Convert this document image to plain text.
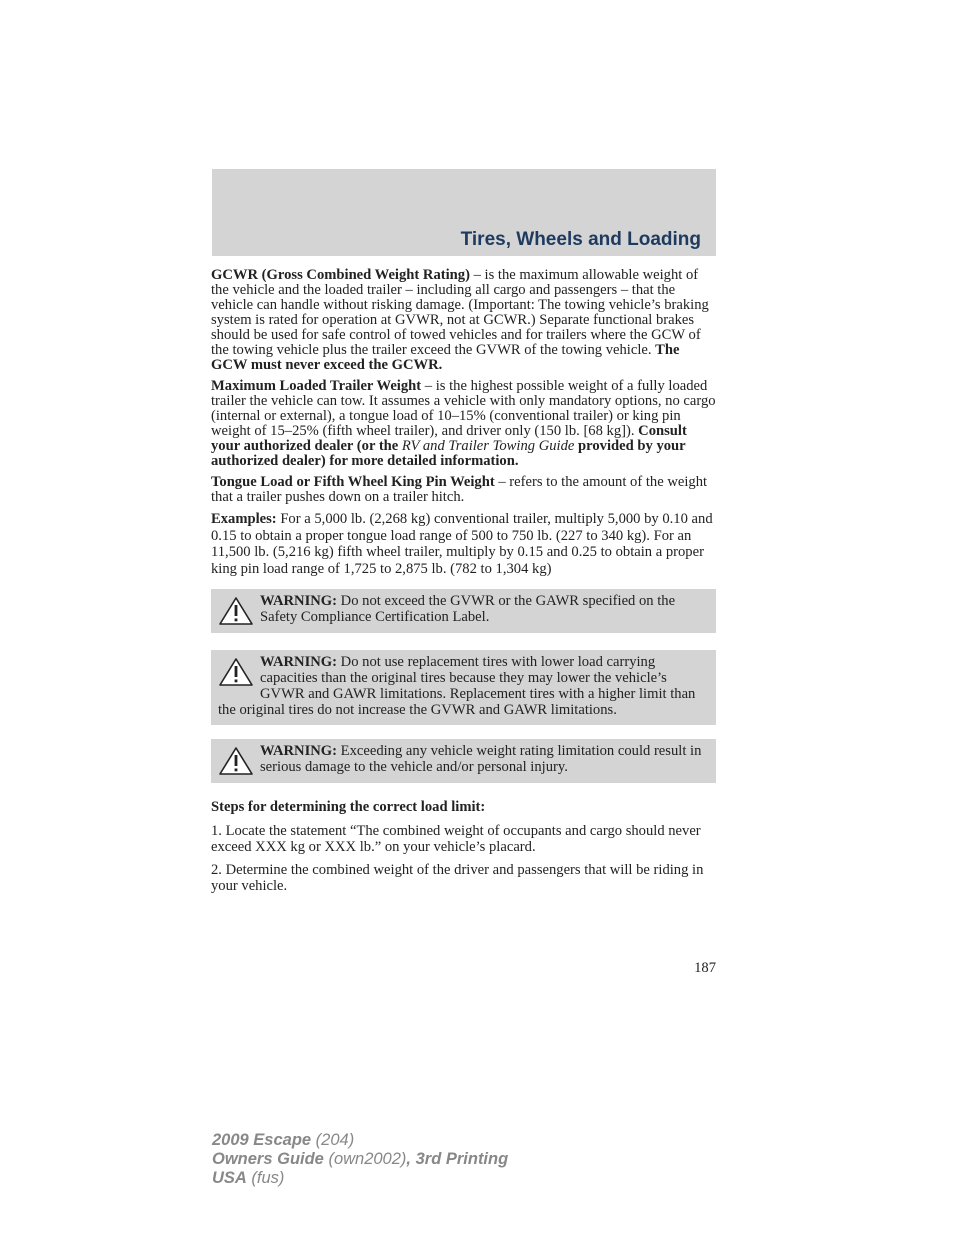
Tires, Wheels and Loading

GCWR (Gross Combined Weight Rating) – is the maximum allowable weight of the vehicle and the loaded trailer – including all cargo and passengers – that the vehicle can handle without risking damage. (Important: The towing vehicle’s braking system is rated for operation at GVWR, not at GCWR.) Separate functional brakes should be used for safe control of towed vehicles and for trailers where the GCW of the towing vehicle plus the trailer exceed the GVWR of the towing vehicle. The GCW must never exceed the GCWR.

Maximum Loaded Trailer Weight – is the highest possible weight of a fully loaded trailer the vehicle can tow. It assumes a vehicle with only mandatory options, no cargo (internal or external), a tongue load of 10–15% (conventional trailer) or king pin weight of 15–25% (fifth wheel trailer), and driver only (150 lb. [68 kg]). Consult your authorized dealer (or the RV and Trailer Towing Guide provided by your authorized dealer) for more detailed information.

Tongue Load or Fifth Wheel King Pin Weight – refers to the amount of the weight that a trailer pushes down on a trailer hitch.

Examples: For a 5,000 lb. (2,268 kg) conventional trailer, multiply 5,000 by 0.10 and 0.15 to obtain a proper tongue load range of 500 to 750 lb. (227 to 340 kg). For an 11,500 lb. (5,216 kg) fifth wheel trailer, multiply by 0.15 and 0.25 to obtain a proper king pin load range of 1,725 to 2,875 lb. (782 to 1,304 kg)

WARNING: Do not exceed the GVWR or the GAWR specified on the Safety Compliance Certification Label.
WARNING: Do not use replacement tires with lower load carrying capacities than the original tires because they may lower the vehicle’s GVWR and GAWR limitations. Replacement tires with a higher limit than the original tires do not increase the GVWR and GAWR limitations.
WARNING: Exceeding any vehicle weight rating limitation could result in serious damage to the vehicle and/or personal injury.

Steps for determining the correct load limit:

1. Locate the statement “The combined weight of occupants and cargo should never exceed XXX kg or XXX lb.” on your vehicle’s placard.

2. Determine the combined weight of the driver and passengers that will be riding in your vehicle.

187
2009 Escape (204)
Owners Guide (own2002), 3rd Printing
USA (fus)
